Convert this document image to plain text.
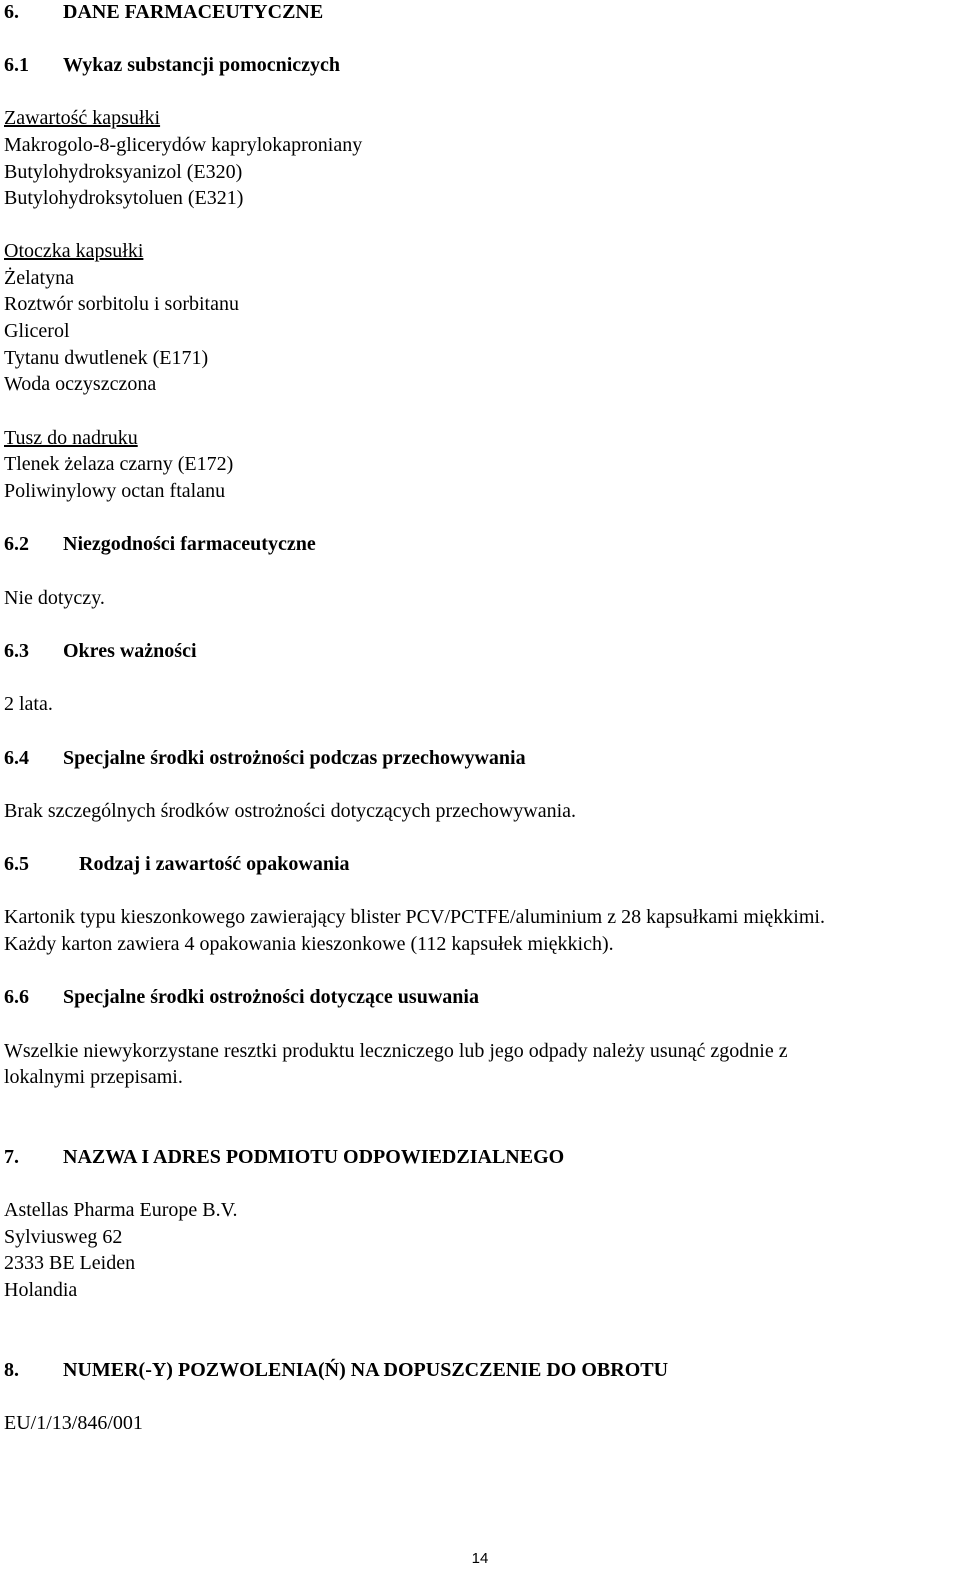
6. DANE FARMACEUTYCZNE
6.1 Wykaz substancji pomocniczych
Zawartość kapsułki
Makrogolo-8-glicerydów kaprylokaproniany
Butylohydroksyanizol (E320)
Butylohydroksytoluen (E321)
Otoczka kapsułki
Żelatyna
Roztwór sorbitolu i sorbitanu
Glicerol
Tytanu dwutlenek (E171)
Woda oczyszczona
Tusz do nadruku
Tlenek żelaza czarny (E172)
Poliwinylowy octan ftalanu
6.2 Niezgodności farmaceutyczne
Nie dotyczy.
6.3 Okres ważności
2 lata.
6.4 Specjalne środki ostrożności podczas przechowywania
Brak szczególnych środków ostrożności dotyczących przechowywania.
6.5	Rodzaj i zawartość opakowania
Kartonik typu kieszonkowego zawierający blister PCV/PCTFE/aluminium z 28 kapsułkami miękkimi.
Każdy karton zawiera 4 opakowania kieszonkowe (112 kapsułek miękkich).
6.6 Specjalne środki ostrożności dotyczące usuwania
Wszelkie niewykorzystane resztki produktu leczniczego lub jego odpady należy usunąć zgodnie z
lokalnymi przepisami.
7. NAZWA I ADRES PODMIOTU ODPOWIEDZIALNEGO
Astellas Pharma Europe B.V.
Sylviusweg 62
2333 BE Leiden
Holandia
8. NUMER(-Y) POZWOLENIA(Ń) NA DOPUSZCZENIE DO OBROTU
EU/1/13/846/001
14
